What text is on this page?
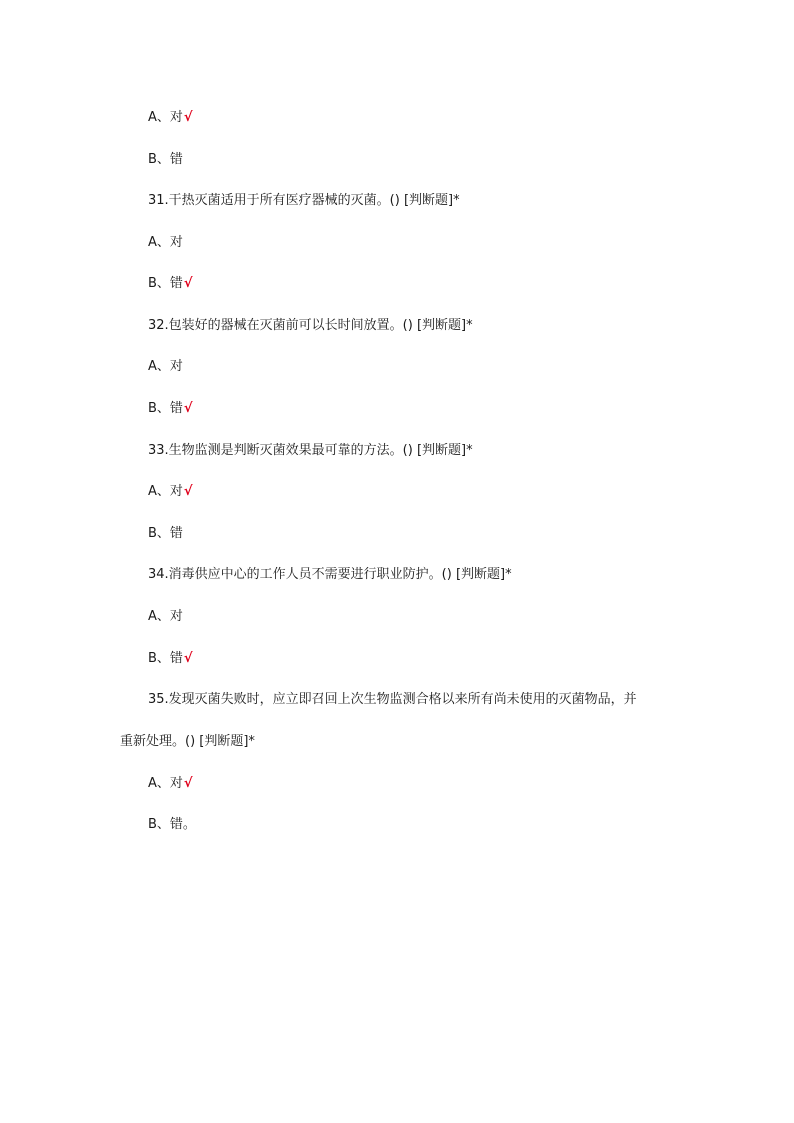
A、对√
B、错
31.干热灭菌适用于所有医疗器械的灭菌。() [判断题]*
A、对
B、错√
32.包装好的器械在灭菌前可以长时间放置。() [判断题]*
A、对
B、错√
33.生物监测是判断灭菌效果最可靠的方法。() [判断题]*
A、对√
B、错
34.消毒供应中心的工作人员不需要进行职业防护。() [判断题]*
A、对
B、错√
35.发现灭菌失败时，应立即召回上次生物监测合格以来所有尚未使用的灭菌物品，并
重新处理。() [判断题]*
A、对√
B、错。
